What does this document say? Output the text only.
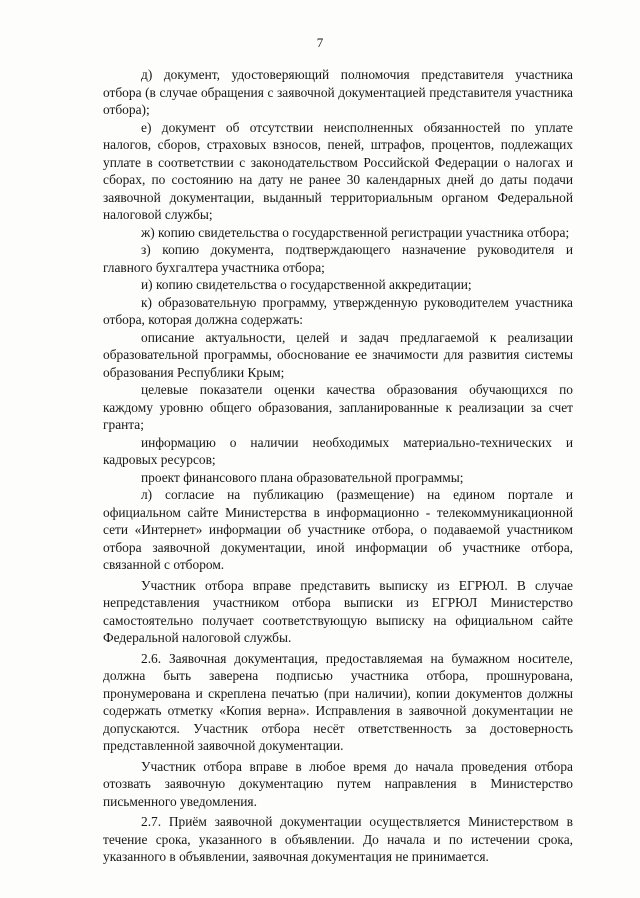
7

д) документ, удостоверяющий полномочия представителя участника отбора (в случае обращения с заявочной документацией представителя участника отбора);

е) документ об отсутствии неисполненных обязанностей по уплате налогов, сборов, страховых взносов, пеней, штрафов, процентов, подлежащих уплате в соответствии с законодательством Российской Федерации о налогах и сборах, по состоянию на дату не ранее 30 календарных дней до даты подачи заявочной документации, выданный территориальным органом Федеральной налоговой службы;

ж) копию свидетельства о государственной регистрации участника отбора;

з) копию документа, подтверждающего назначение руководителя и главного бухгалтера участника отбора;

и) копию свидетельства о государственной аккредитации;

к) образовательную программу, утвержденную руководителем участника отбора, которая должна содержать:

описание актуальности, целей и задач предлагаемой к реализации образовательной программы, обоснование ее значимости для развития системы образования Республики Крым;

целевые показатели оценки качества образования обучающихся по каждому уровню общего образования, запланированные к реализации за счет гранта;

информацию о наличии необходимых материально-технических и кадровых ресурсов;

проект финансового плана образовательной программы;

л) согласие на публикацию (размещение) на едином портале и официальном сайте Министерства в информационно - телекоммуникационной сети «Интернет» информации об участнике отбора, о подаваемой участником отбора заявочной документации, иной информации об участнике отбора, связанной с отбором.

Участник отбора вправе представить выписку из ЕГРЮЛ. В случае непредставления участником отбора выписки из ЕГРЮЛ Министерство самостоятельно получает соответствующую выписку на официальном сайте Федеральной налоговой службы.

2.6. Заявочная документация, предоставляемая на бумажном носителе, должна быть заверена подписью участника отбора, прошнурована, пронумерована и скреплена печатью (при наличии), копии документов должны содержать отметку «Копия верна». Исправления в заявочной документации не допускаются. Участник отбора несёт ответственность за достоверность представленной заявочной документации.

Участник отбора вправе в любое время до начала проведения отбора отозвать заявочную документацию путем направления в Министерство письменного уведомления.

2.7. Приём заявочной документации осуществляется Министерством в течение срока, указанного в объявлении. До начала и по истечении срока, указанного в объявлении, заявочная документация не принимается.
